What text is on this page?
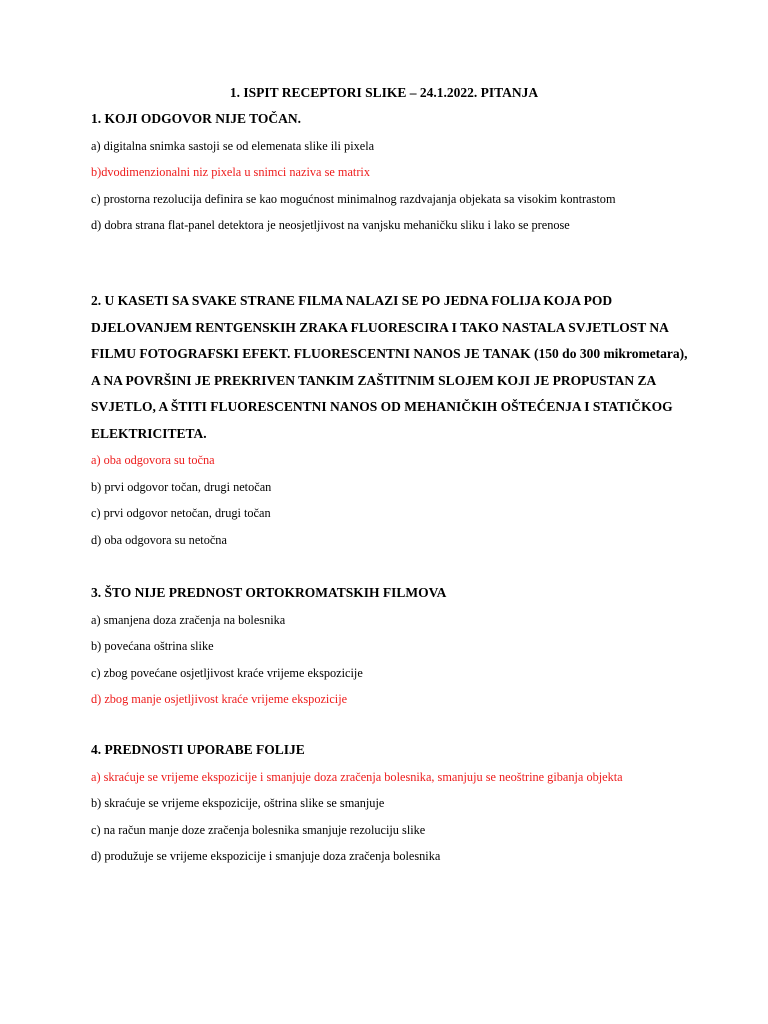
1. ISPIT RECEPTORI SLIKE – 24.1.2022. PITANJA

1. KOJI ODGOVOR NIJE TOČAN.

a) digitalna snimka sastoji se od elemenata slike ili pixela
b)dvodimenzionalni niz pixela u snimci naziva se matrix
c) prostorna rezolucija definira se kao mogućnost minimalnog razdvajanja objekata sa visokim kontrastom
d) dobra strana flat-panel detektora je neosjetljivost na vanjsku mehaničku sliku i lako se prenose

2. U KASETI SA SVAKE STRANE FILMA NALAZI SE PO JEDNA FOLIJA KOJA POD DJELOVANJEM RENTGENSKIH ZRAKA FLUORESCIRA I TAKO NASTALA SVJETLOST NA FILMU FOTOGRAFSKI EFEKT. FLUORESCENTNI NANOS JE TANAK (150 do 300 mikrometara), A NA POVRŠINI JE PREKRIVEN TANKIM ZAŠTITNIM SLOJEM KOJI JE PROPUSTAN ZA SVJETLO, A ŠTITI FLUORESCENTNI NANOS OD MEHANIČKIH OŠTEĆENJA I STATIČKOG ELEKTRICITETA.

a) oba odgovora su točna
b) prvi odgovor točan, drugi netočan
c) prvi odgovor netočan, drugi točan
d) oba odgovora su netočna

3. ŠTO NIJE PREDNOST ORTOKROMATSKIH FILMOVA

a) smanjena doza zračenja na bolesnika
b) povećana oštrina slike
c) zbog povećane osjetljivost kraće vrijeme ekspozicije
d) zbog manje osjetljivost kraće vrijeme ekspozicije

4. PREDNOSTI UPORABE FOLIJE

a) skraćuje se vrijeme ekspozicije i smanjuje doza zračenja bolesnika, smanjuju se neoštrine gibanja objekta
b) skraćuje se vrijeme ekspozicije, oštrina slike se smanjuje
c) na račun manje doze zračenja bolesnika smanjuje rezoluciju slike
d) produžuje se vrijeme ekspozicije i smanjuje doza zračenja bolesnika
